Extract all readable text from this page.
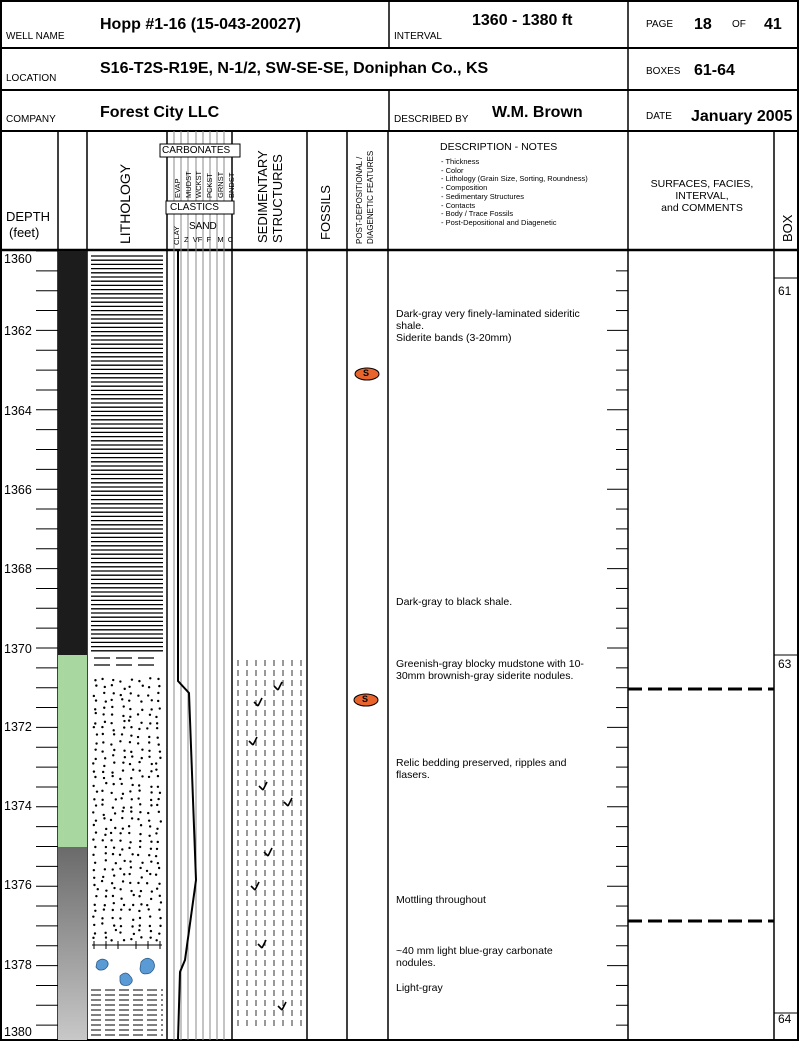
WELL NAME
Hopp #1-16 (15-043-20027)
INTERVAL
1360 - 1380 ft	PAGE 18 OF 41
LOCATION
S16-T2S-R19E, N-1/2, SW-SE-SE, Doniphan Co., KS	BOXES 61-64
COMPANY	Forest City LLC	DESCRIBED BY W.M. Brown	DATE January 2005
DEPTH
(feet)	LITHOLOGY
CARBONATES
EVAP MUDST WCKST PCKST GRNST BNDST
CLASTICS
CLAY SAND
Z  VF  F   M  C SEDIMENTARY STRUCTURES	FOSSILS	POST-DEPOSITIONAL / DIAGENETIC FEATURES
DESCRIPTION - NOTES
- Thickness
- Color
- Lithology (Grain Size, Sorting, Roundness)
- Composition
- Sedimentary Structures
- Contacts
- Body / Trace Fossils
- Post-Depositional and Diagenetic
SURFACES, FACIES,
INTERVAL,
and COMMENTS
BOX
1360
1362
1364
1366
1368
1370
1372
1374
1376
1378
1380
S
S
Dark-gray very finely-laminated sideritic shale.
Siderite bands (3-20mm)
Dark-gray to black shale.
Greenish-gray blocky mudstone with 10-30mm brownish-gray siderite nodules.
Relic bedding preserved, ripples and flasers.
Mottling throughout
~40 mm light blue-gray carbonate nodules.
Light-gray
61
63
64
